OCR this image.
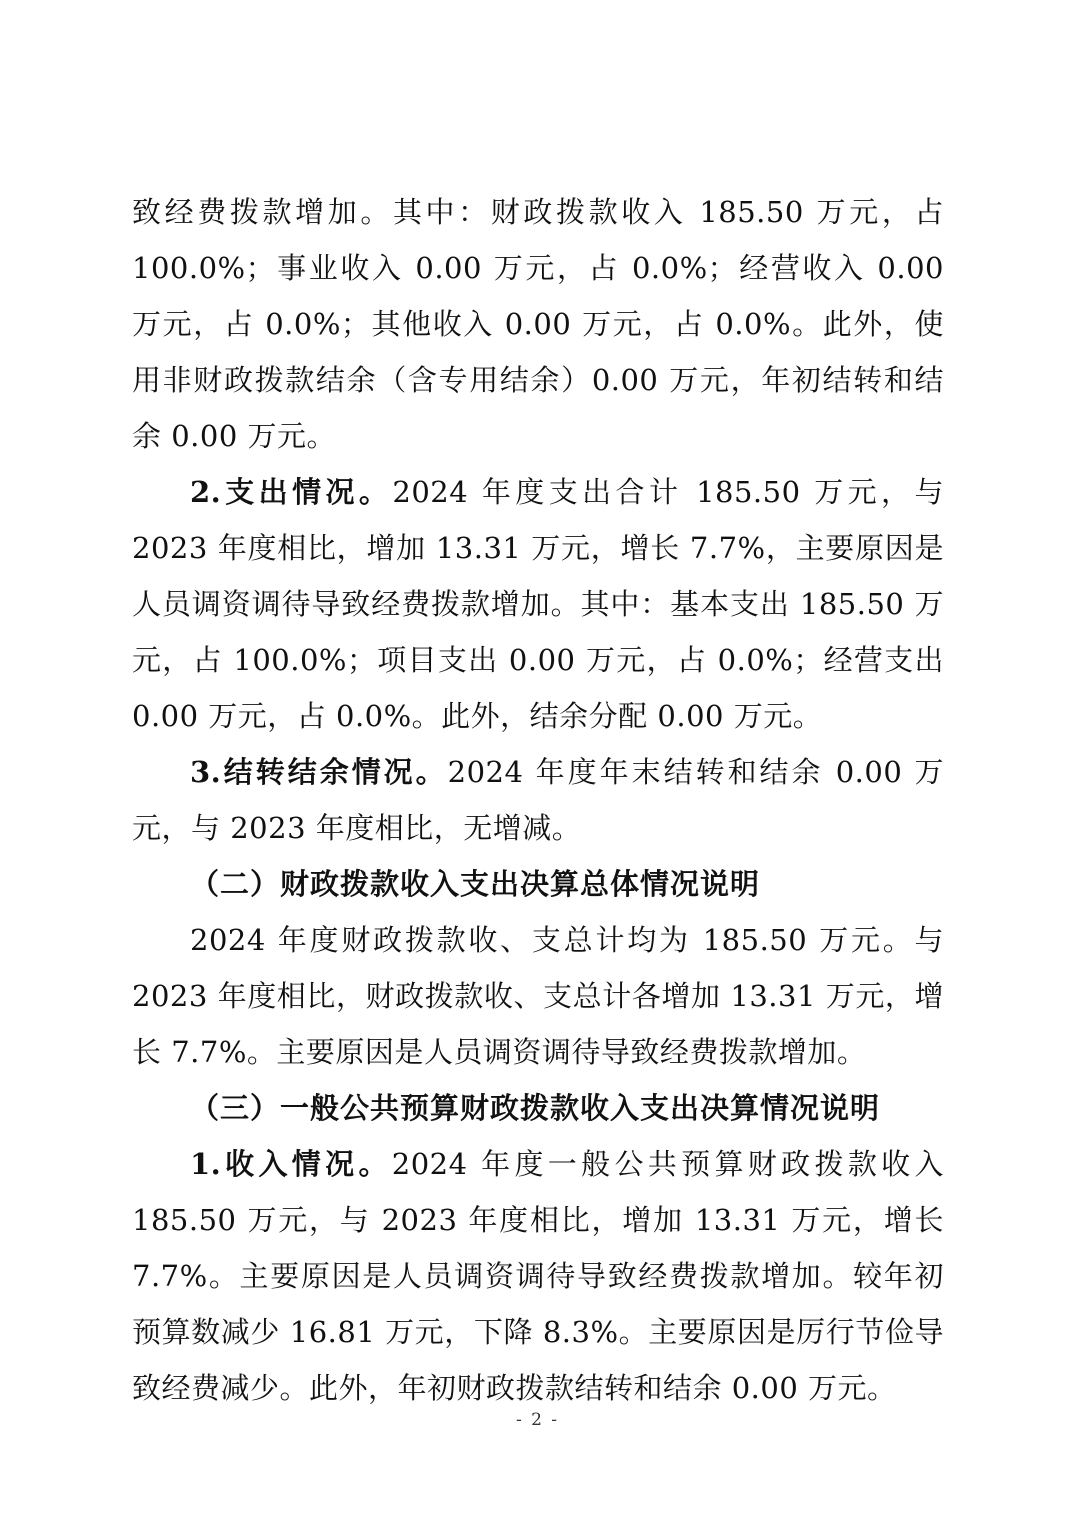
致经费拨款增加。其中：财政拨款收入 185.50 万元，占 100.0%；事业收入 0.00 万元，占 0.0%；经营收入 0.00 万元，占 0.0%；其他收入 0.00 万元，占 0.0%。此外，使用非财政拨款结余（含专用结余）0.00 万元，年初结转和结余 0.00 万元。

2.支出情况。2024 年度支出合计 185.50 万元，与 2023 年度相比，增加 13.31 万元，增长 7.7%，主要原因是人员调资调待导致经费拨款增加。其中：基本支出 185.50 万元，占 100.0%；项目支出 0.00 万元，占 0.0%；经营支出 0.00 万元，占 0.0%。此外，结余分配 0.00 万元。

3.结转结余情况。2024 年度年末结转和结余 0.00 万元，与 2023 年度相比，无增减。

（二）财政拨款收入支出决算总体情况说明

2024 年度财政拨款收、支总计均为 185.50 万元。与 2023 年度相比，财政拨款收、支总计各增加 13.31 万元，增长 7.7%。主要原因是人员调资调待导致经费拨款增加。

（三）一般公共预算财政拨款收入支出决算情况说明

1.收入情况。2024 年度一般公共预算财政拨款收入 185.50 万元，与 2023 年度相比，增加 13.31 万元，增长 7.7%。主要原因是人员调资调待导致经费拨款增加。较年初预算数减少 16.81 万元，下降 8.3%。主要原因是厉行节俭导致经费减少。此外，年初财政拨款结转和结余 0.00 万元。

- 2 -
